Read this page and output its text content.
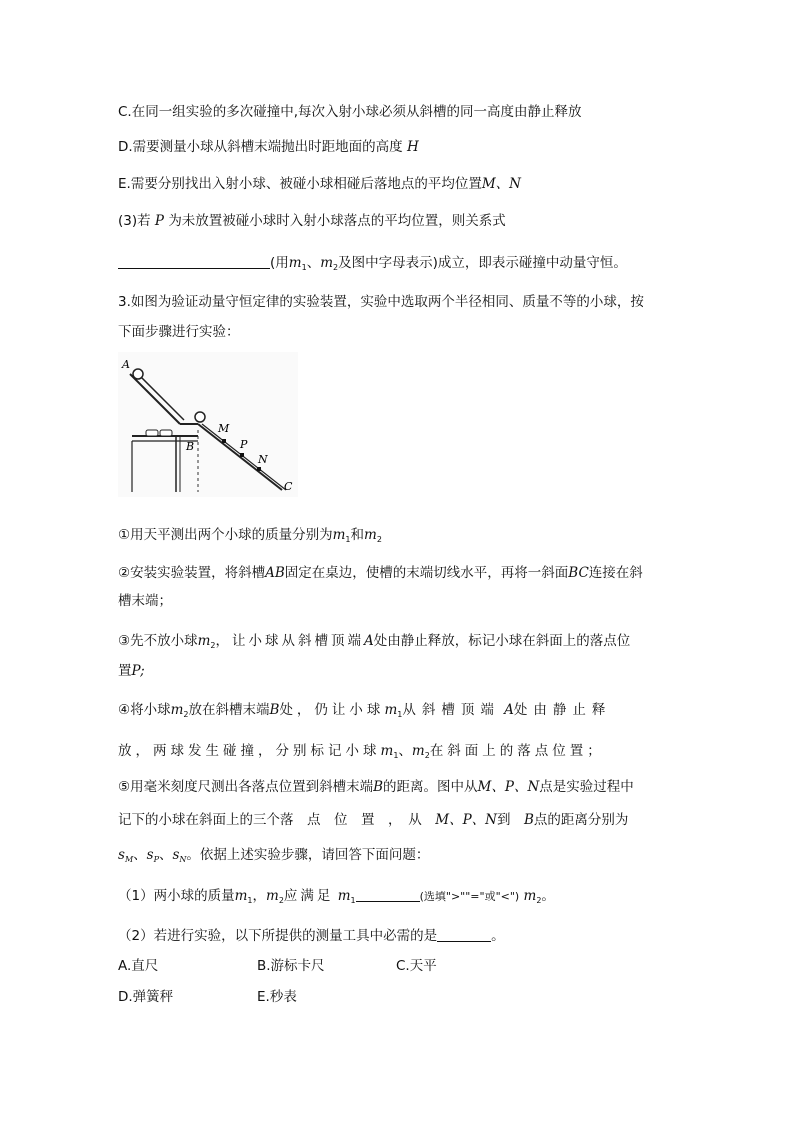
C.在同一组实验的多次碰撞中,每次入射小球必须从斜槽的同一高度由静止释放
D.需要测量小球从斜槽末端抛出时距地面的高度 H
E.需要分别找出入射小球、被碰小球相碰后落地点的平均位置M、N
(3)若 P 为未放置被碰小球时入射小球落点的平均位置，则关系式
(用$m_1$、$m_2$及图中字母表示)成立，即表示碰撞中动量守恒。
3.如图为验证动量守恒定律的实验装置，实验中选取两个半径相同、质量不等的小球，按
下面步骤进行实验：
A
B
M
P
N
C
①用天平测出两个小球的质量分别为$m_1$和$m_2$
②安装实验装置，将斜槽AB固定在桌边，使槽的末端切线水平，再将一斜面BC连接在斜
槽末端；
③先不放小球$m_2$，让小球从斜槽顶端A处由静止释放，标记小球在斜面上的落点位
置P;
④将小球$m_2$放在斜槽末端B处，仍让小球$m_1$从斜槽顶端 A处由静止释
放，两球发生碰撞，分别标记小球$m_1$、$m_2$在斜面上的落点位置；
⑤用毫米刻度尺测出各落点位置到斜槽末端B的距离。图中从M、P、N点是实验过程中
记下的小球在斜面上的三个落　点　位　置　，　从　M、P、N到　B点的距离分别为
$s_M$、$s_P$、$s_N$。依据上述实验步骤，请回答下面问题：
（1）两小球的质量$m_1$，$m_2$应满足 $m_1$	(选填">""="或"<") $m_2$。
（2）若进行实验，以下所提供的测量工具中必需的是	。
A.直尺	B.游标卡尺	C.天平
D.弹簧秤	E.秒表
